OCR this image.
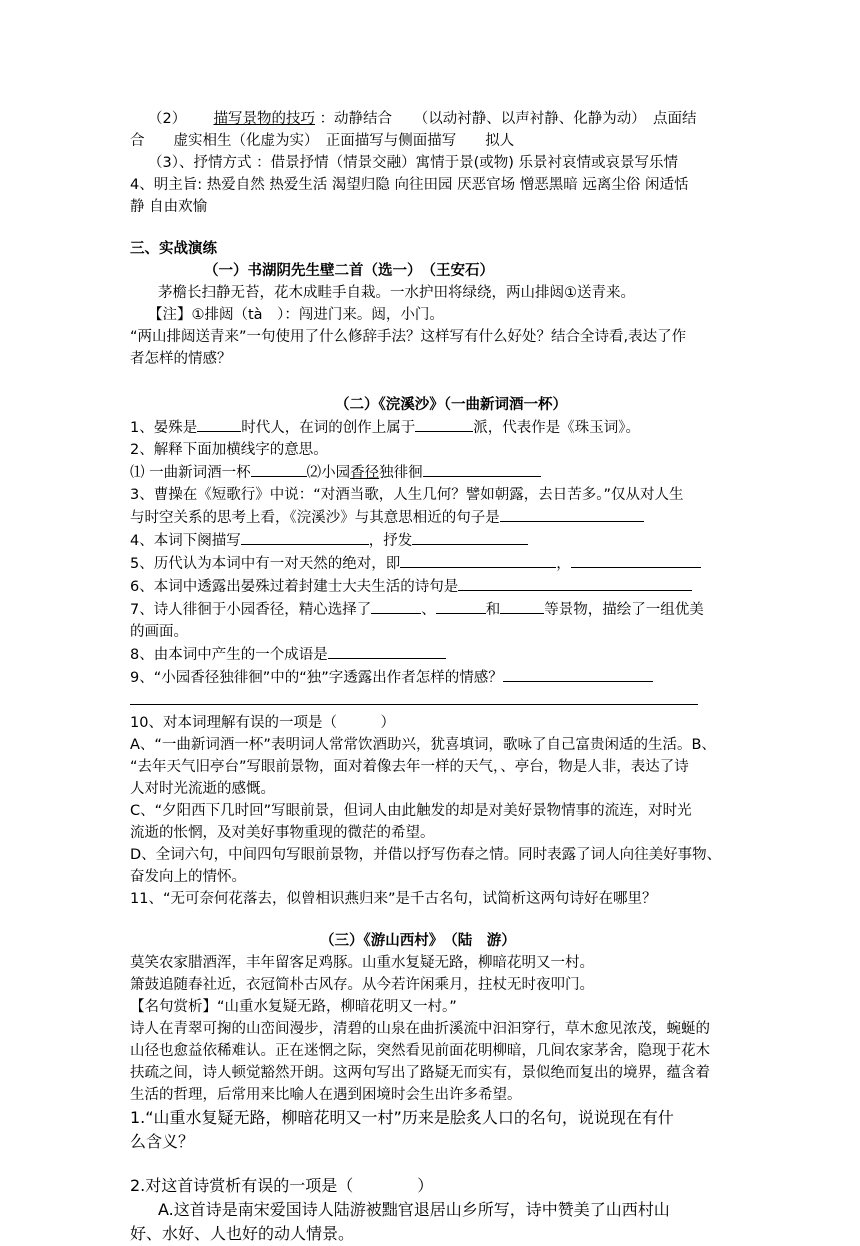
（2） 描写景物的技巧 ：动静结合　　（以动衬静、以声衬静、化静为动）　点面结
合　　虚实相生（化虚为实）　正面描写与侧面描写　　拟人
（3）、抒情方式 ：借景抒情（情景交融）寓情于景(或物) 乐景衬哀情或哀景写乐情
4、明主旨: 热爱自然 热爱生活 渴望归隐 向往田园 厌恶官场 憎恶黑暗 远离尘俗 闲适恬
静 自由欢愉
三、实战演练
（一）书湖阴先生壁二首（选一）　（王安石）
茅檐长扫静无苔，花木成畦手自栽。一水护田将绿绕，两山排闼①送青来。
【注】①排闼（tà　）：闯进门来。闼，小门。
“两山排闼送青来”一句使用了什么修辞手法？这样写有什么好处？结合全诗看,表达了作
者怎样的情感？
（二）《浣溪沙》（一曲新词酒一杯）
1、晏殊是	时代人，在词的创作上属于	派，代表作是《珠玉词》。
2、解释下面加横线字的意思。
⑴ 一曲新词酒一杯	⑵小园香径独徘徊
3、曹操在《短歌行》中说：“对酒当歌，人生几何？譬如朝露，去日苦多。”仅从对人生
与时空关系的思考上看，《浣溪沙》与其意思相近的句子是
4、本词下阕描写	，抒发
5、历代认为本词中有一对天然的绝对，即	，
6、本词中透露出晏殊过着封建士大夫生活的诗句是
7、诗人徘徊于小园香径，精心选择了	、	和	等景物，描绘了一组优美
的画面。
8、由本词中产生的一个成语是
9、“小园香径独徘徊”中的“独”字透露出作者怎样的情感？
10、对本词理解有误的一项是（　　　）
A、“一曲新词酒一杯”表明词人常常饮酒助兴，犹喜填词，歌咏了自己富贵闲适的生活。B、
“去年天气旧亭台”写眼前景物，面对着像去年一样的天气，、亭台，物是人非，表达了诗
人对时光流逝的感慨。
C、“夕阳西下几时回”写眼前景，但词人由此触发的却是对美好景物情事的流连，对时光
流逝的怅惘，及对美好事物重现的微茫的希望。
D、全词六句，中间四句写眼前景物，并借以抒写伤春之情。同时表露了词人向往美好事物、
奋发向上的情怀。
11、“无可奈何花落去，似曾相识燕归来”是千古名句，试简析这两句诗好在哪里？
（三）《游山西村》　（陆　游）
莫笑农家腊酒浑，丰年留客足鸡豚。山重水复疑无路，柳暗花明又一村。
箫鼓追随春社近，衣冠简朴古风存。从今若许闲乘月，拄杖无时夜叩门。
【名句赏析】“山重水复疑无路，柳暗花明又一村。”
诗人在青翠可掬的山峦间漫步，清碧的山泉在曲折溪流中汩汩穿行，草木愈见浓茂，蜿蜒的
山径也愈益依稀难认。正在迷惘之际，突然看见前面花明柳暗，几间农家茅舍，隐现于花木
扶疏之间，诗人顿觉豁然开朗。这两句写出了路疑无而实有，景似绝而复出的境界，蕴含着
生活的哲理，后常用来比喻人在遇到困境时会生出许多希望。
1.“山重水复疑无路，柳暗花明又一村”历来是脍炙人口的名句，说说现在有什
么含义？
2.对这首诗赏析有误的一项是（　　　　）
A.这首诗是南宋爱国诗人陆游被黜官退居山乡所写，诗中赞美了山西村山
好、水好、人也好的动人情景。
